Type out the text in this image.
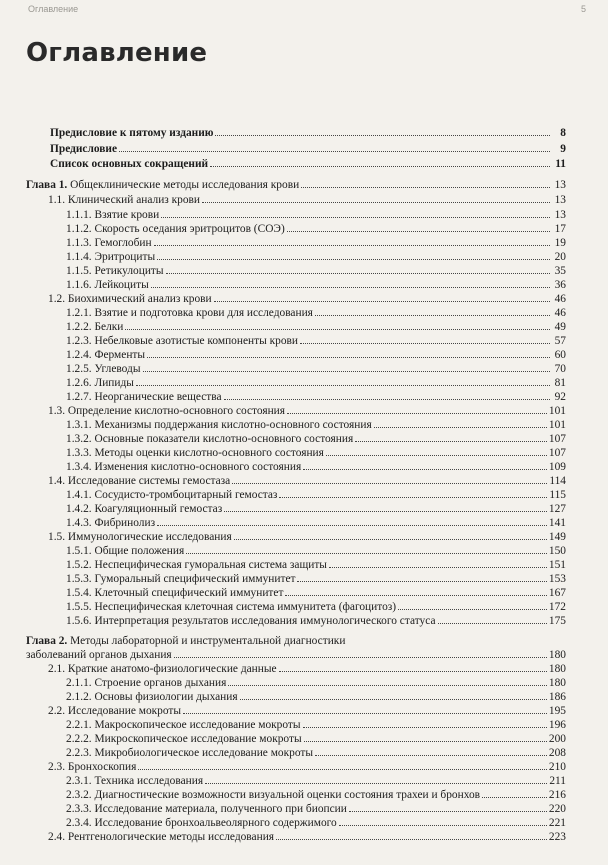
Оглавление	5
Оглавление
Предисловие к пятому изданию	8
Предисловие	9
Список основных сокращений	11
Глава 1. Общеклинические методы исследования крови	13
1.1. Клинический анализ крови	13
1.1.1. Взятие крови	13
1.1.2. Скорость оседания эритроцитов (СОЭ)	17
1.1.3. Гемоглобин	19
1.1.4. Эритроциты	20
1.1.5. Ретикулоциты	35
1.1.6. Лейкоциты	36
1.2. Биохимический анализ крови	46
1.2.1. Взятие и подготовка крови для исследования	46
1.2.2. Белки	49
1.2.3. Небелковые азотистые компоненты крови	57
1.2.4. Ферменты	60
1.2.5. Углеводы	70
1.2.6. Липиды	81
1.2.7. Неорганические вещества	92
1.3. Определение кислотно-основного состояния	101
1.3.1. Механизмы поддержания кислотно-основного состояния	101
1.3.2. Основные показатели кислотно-основного состояния	107
1.3.3. Методы оценки кислотно-основного состояния	107
1.3.4. Изменения кислотно-основного состояния	109
1.4. Исследование системы гемостаза	114
1.4.1. Сосудисто-тромбоцитарный гемостаз	115
1.4.2. Коагуляционный гемостаз	127
1.4.3. Фибринолиз	141
1.5. Иммунологические исследования	149
1.5.1. Общие положения	150
1.5.2. Неспецифическая гуморальная система защиты	151
1.5.3. Гуморальный специфический иммунитет	153
1.5.4. Клеточный специфический иммунитет	167
1.5.5. Неспецифическая клеточная система иммунитета (фагоцитоз)	172
1.5.6. Интерпретация результатов исследования иммунологического статуса	175
Глава 2. Методы лабораторной и инструментальной диагностики
заболеваний органов дыхания	180
2.1. Краткие анатомо-физиологические данные	180
2.1.1. Строение органов дыхания	180
2.1.2. Основы физиологии дыхания	186
2.2. Исследование мокроты	195
2.2.1. Макроскопическое исследование мокроты	196
2.2.2. Микроскопическое исследование мокроты	200
2.2.3. Микробиологическое исследование мокроты	208
2.3. Бронхоскопия	210
2.3.1. Техника исследования	211
2.3.2. Диагностические возможности визуальной оценки состояния трахеи и бронхов	216
2.3.3. Исследование материала, полученного при биопсии	220
2.3.4. Исследование бронхоальвеолярного содержимого	221
2.4. Рентгенологические методы исследования	223
